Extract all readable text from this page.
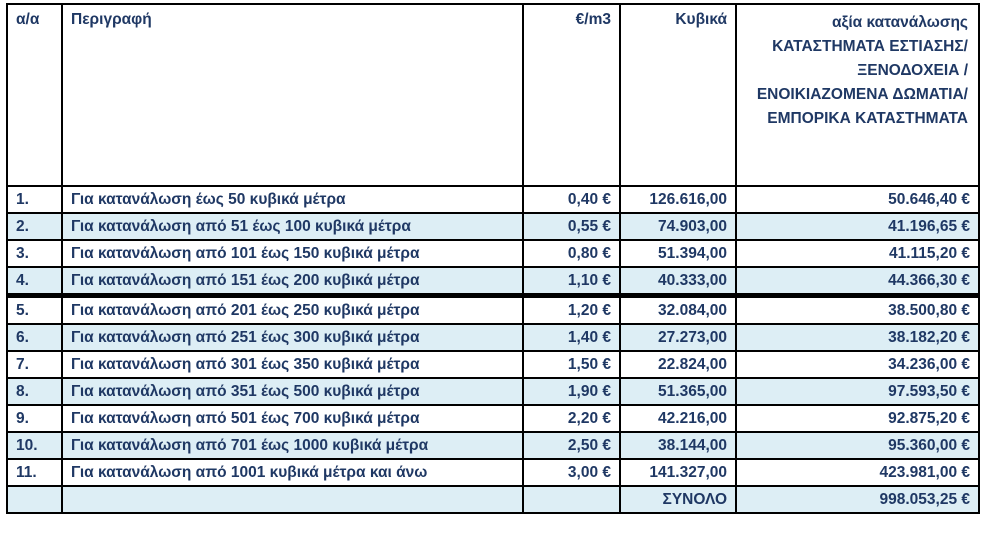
α/α	Περιγραφή	€/m3	Κυβικά	αξία κατανάλωσης ΚΑΤΑΣΤΗΜΑΤΑ ΕΣΤΙΑΣΗΣ/ ΞΕΝΟΔΟΧΕΙΑ /ΕΝΟΙΚΙΑΖΟΜΕΝΑ ΔΩΜΑΤΙΑ/ΕΜΠΟΡΙΚΑ ΚΑΤΑΣΤΗΜΑΤΑ
1.	Για κατανάλωση έως 50 κυβικά μέτρα	0,40 €	126.616,00	50.646,40 €
2.	Για κατανάλωση από 51 έως 100 κυβικά μέτρα	0,55 €	74.903,00	41.196,65 €
3.	Για κατανάλωση από 101 έως 150 κυβικά μέτρα	0,80 €	51.394,00	41.115,20 €
4.	Για κατανάλωση από 151 έως 200 κυβικά μέτρα	1,10 €	40.333,00	44.366,30 €
5.	Για κατανάλωση από 201 έως 250 κυβικά μέτρα	1,20 €	32.084,00	38.500,80 €
6.	Για κατανάλωση από 251 έως 300 κυβικά μέτρα	1,40 €	27.273,00	38.182,20 €
7.	Για κατανάλωση από 301 έως 350 κυβικά μέτρα	1,50 €	22.824,00	34.236,00 €
8.	Για κατανάλωση από 351 έως 500 κυβικά μέτρα	1,90 €	51.365,00	97.593,50 €
9.	Για κατανάλωση από 501 έως 700 κυβικά μέτρα	2,20 €	42.216,00	92.875,20 €
10.	Για κατανάλωση από 701 έως 1000 κυβικά μέτρα	2,50 €	38.144,00	95.360,00 €
11.	Για κατανάλωση από 1001 κυβικά μέτρα και άνω	3,00 €	141.327,00	423.981,00 €
			ΣΥΝΟΛΟ	998.053,25 €
